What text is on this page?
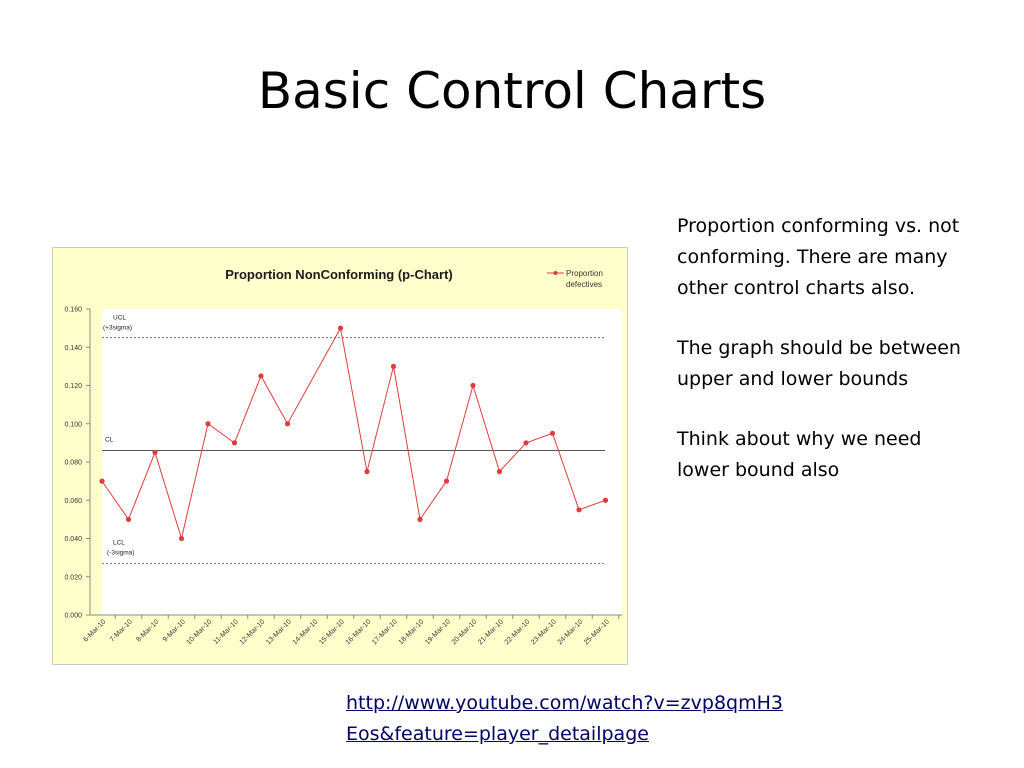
Basic Control Charts
Proportion NonConforming (p-Chart)	Proportion
defectives
0.000
0.020
0.040
0.060
0.080
0.100
0.120
0.140
0.160
6-Mar-10 7-Mar-10 8-Mar-10 9-Mar-10
10-Mar-10 11-Mar-10
12-Mar-10
13-Mar-10
14-Mar-10
15-Mar-10
16-Mar-10
17-Mar-10
18-Mar-10
19-Mar-10
20-Mar-10
21-Mar-10
22-Mar-10
23-Mar-10
24-Mar-10
25-Mar-10
UCL
(+3sigma)
CL
LCL
(-3sigma)

Proportion conforming vs. not conforming. There are many other control charts also.

The graph should be between upper and lower bounds

Think about why we need lower bound also

http://www.youtube.com/watch?v=zvp8qmH3
Eos&feature=player_detailpage
